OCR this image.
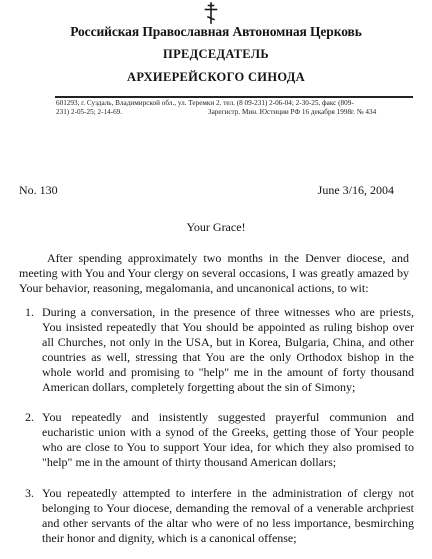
Российская Православная Автономная Церковь
ПРЕДСЕДАТЕЛЬ
АРХИЕРЕЙСКОГО СИНОДА
601293, г. Суздаль, Владимирской обл., ул. Теремки 2. тел. (8 09-231) 2-06-04; 2-30-25, факс (809-
231) 2-05-25; 2-14-69.	Зарегистр. Мин. Юстиции РФ 16 декабря 1998г. № 434
No. 130	June 3/16, 2004
Your Grace!
After spending approximately two months in the Denver diocese, and meeting with You and Your clergy on several occasions, I was greatly amazed by Your behavior, reasoning, megalomania, and uncanonical actions, to wit:
1. During a conversation, in the presence of three witnesses who are priests, You insisted repeatedly that You should be appointed as ruling bishop over all Churches, not only in the USA, but in Korea, Bulgaria, China, and other countries as well, stressing that You are the only Orthodox bishop in the whole world and promising to "help" me in the amount of forty thousand American dollars, completely forgetting about the sin of Simony;
2. You repeatedly and insistently suggested prayerful communion and eucharistic union with a synod of the Greeks, getting those of Your people who are close to You to support Your idea, for which they also promised to "help" me in the amount of thirty thousand American dollars;
3. You repeatedly attempted to interfere in the administration of clergy not belonging to Your diocese, demanding the removal of a venerable archpriest and other servants of the altar who were of no less importance, besmirching their honor and dignity, which is a canonical offense;
